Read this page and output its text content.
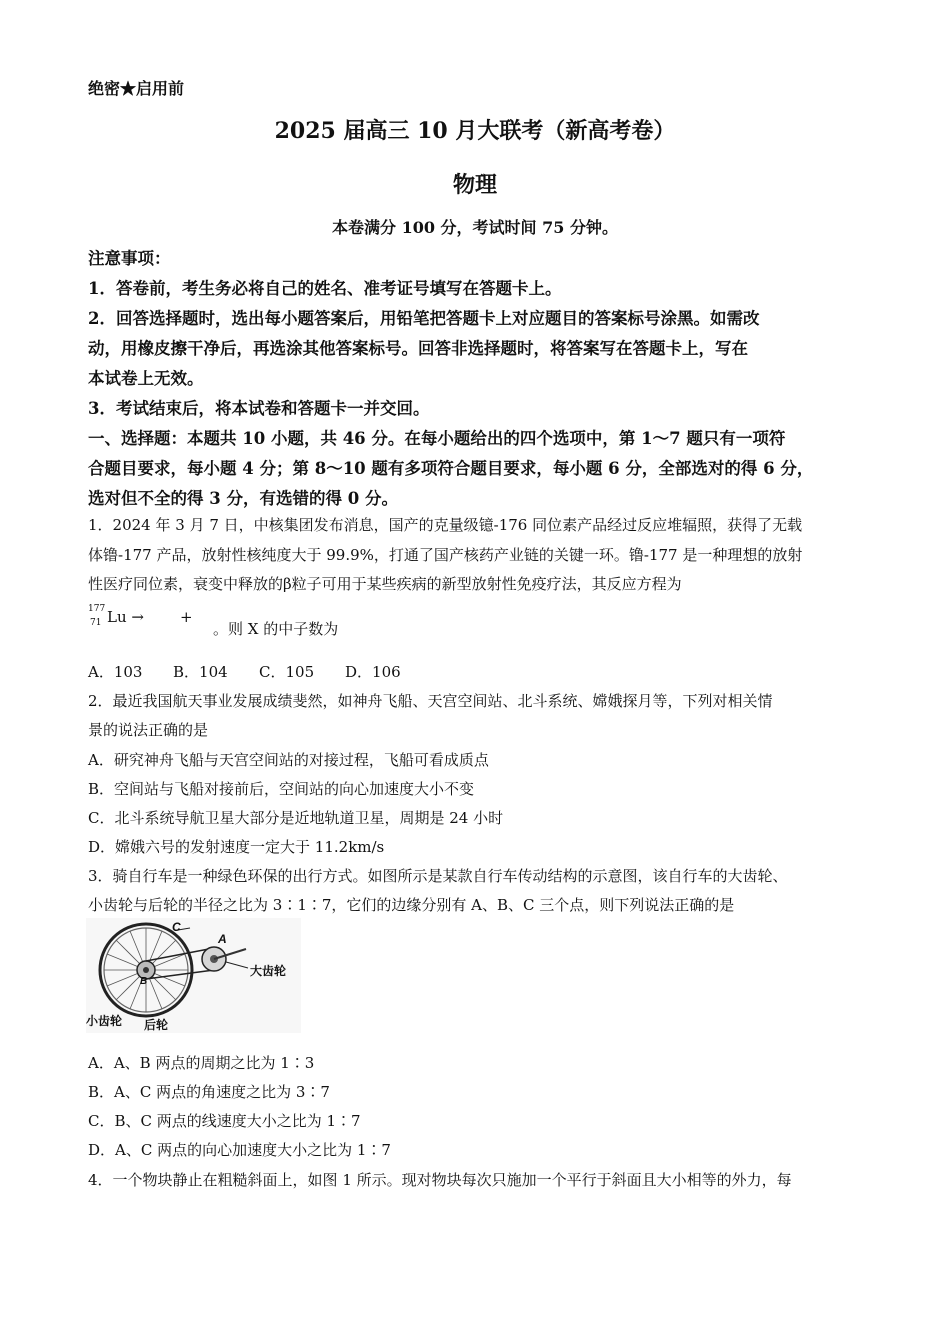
绝密★启用前
2025 届高三 10 月大联考（新高考卷）
物理
本卷满分 100 分，考试时间 75 分钟。
注意事项：
1．答卷前，考生务必将自己的姓名、准考证号填写在答题卡上。
2．回答选择题时，选出每小题答案后，用铅笔把答题卡上对应题目的答案标号涂黑。如需改
动，用橡皮擦干净后，再选涂其他答案标号。回答非选择题时，将答案写在答题卡上，写在
本试卷上无效。
3．考试结束后，将本试卷和答题卡一并交回。
一、选择题：本题共 10 小题，共 46 分。在每小题给出的四个选项中，第 1～7 题只有一项符
合题目要求，每小题 4 分；第 8～10 题有多项符合题目要求，每小题 6 分，全部选对的得 6 分，
选对但不全的得 3 分，有选错的得 0 分。
1．2024 年 3 月 7 日，中核集团发布消息，国产的克量级镱-176 同位素产品经过反应堆辐照，获得了无载
体镥-177 产品，放射性核纯度大于 99.9%，打通了国产核药产业链的关键一环。镥-177 是一种理想的放射
性医疗同位素，衰变中释放的β粒子可用于某些疾病的新型放射性免疫疗法，其反应方程为
177
71 Lu → +
。则 X 的中子数为
A．103 B．104 C．105 D．106
2．最近我国航天事业发展成绩斐然，如神舟飞船、天宫空间站、北斗系统、嫦娥探月等，下列对相关情
景的说法正确的是
A．研究神舟飞船与天宫空间站的对接过程，飞船可看成质点
B．空间站与飞船对接前后，空间站的向心加速度大小不变
C．北斗系统导航卫星大部分是近地轨道卫星，周期是 24 小时
D．嫦娥六号的发射速度一定大于 11.2km/s
3．骑自行车是一种绿色环保的出行方式。如图所示是某款自行车传动结构的示意图，该自行车的大齿轮、
小齿轮与后轮的半径之比为 3∶1∶7，它们的边缘分别有 A、B、C 三个点，则下列说法正确的是
C
A
B
大齿轮
小齿轮 后轮
A．A、B 两点的周期之比为 1∶3
B．A、C 两点的角速度之比为 3∶7
C．B、C 两点的线速度大小之比为 1∶7
D．A、C 两点的向心加速度大小之比为 1∶7
4．一个物块静止在粗糙斜面上，如图 1 所示。现对物块每次只施加一个平行于斜面且大小相等的外力，每
